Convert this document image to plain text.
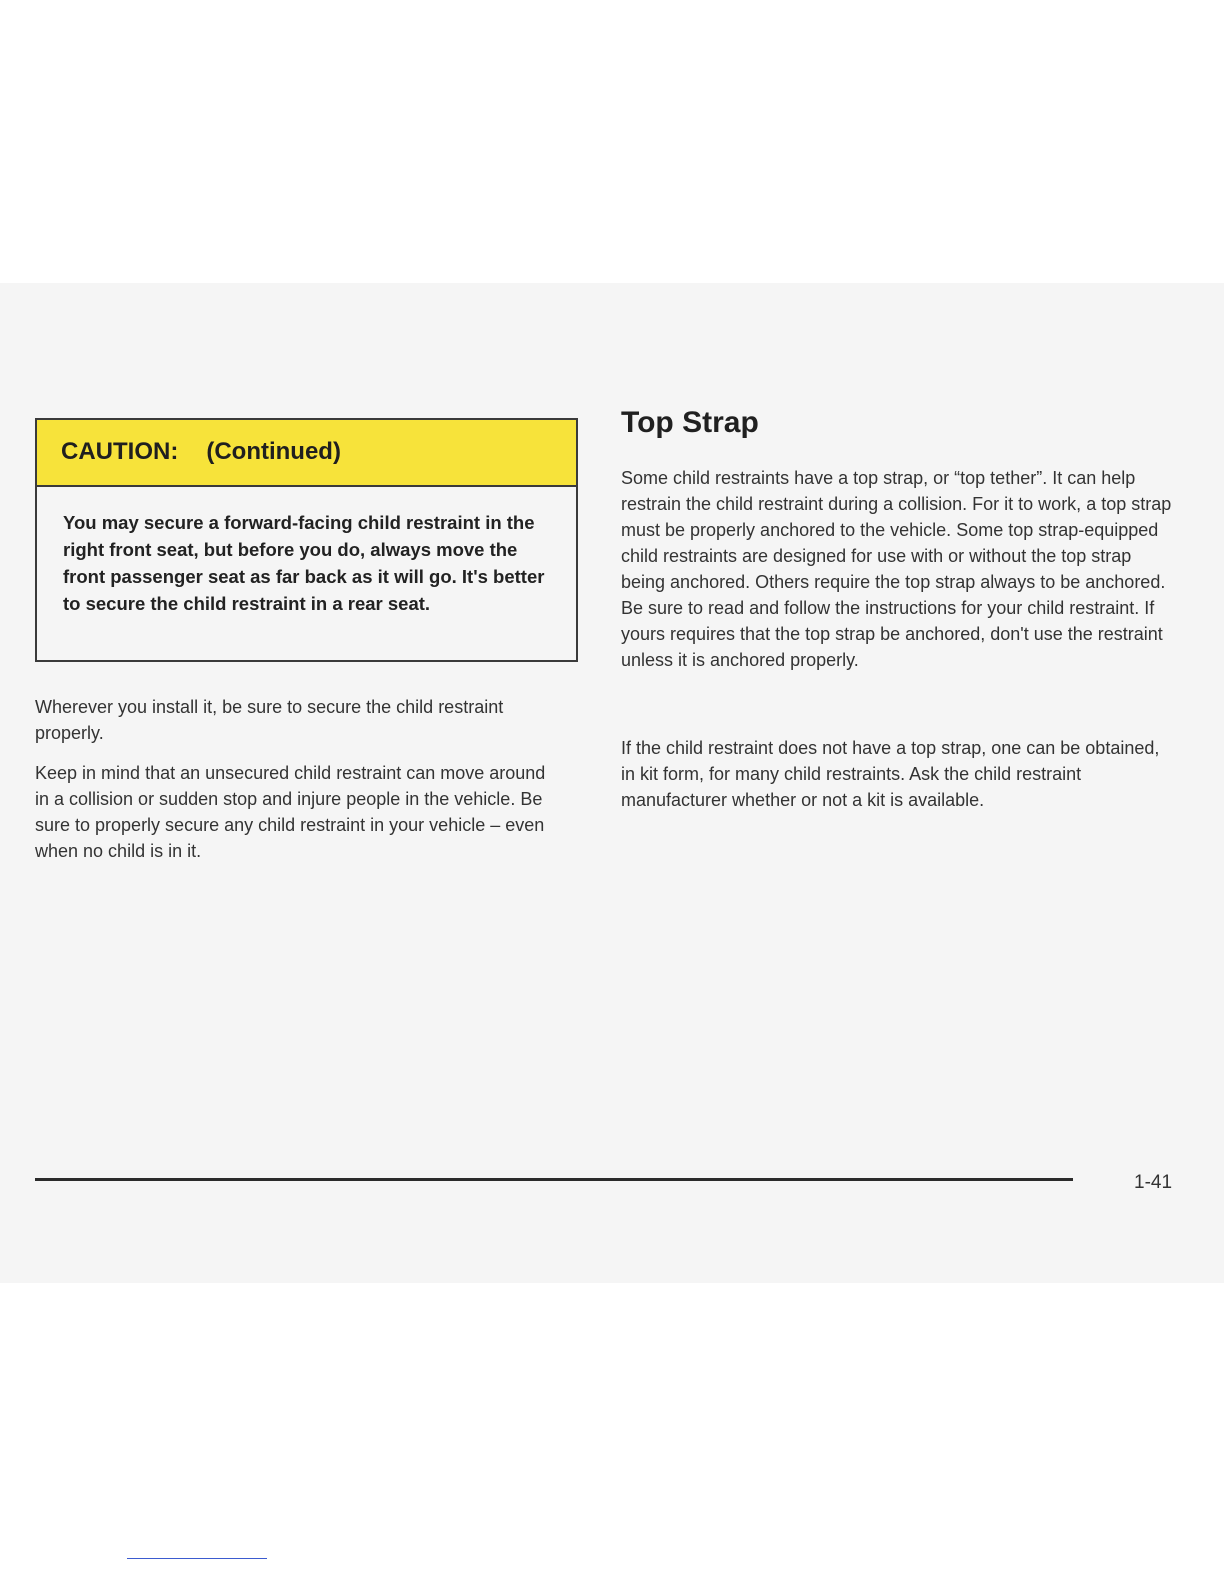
CAUTION: (Continued)
You may secure a forward-facing child restraint in the right front seat, but before you do, always move the front passenger seat as far back as it will go. It's better to secure the child restraint in a rear seat.

Wherever you install it, be sure to secure the child restraint properly.

Keep in mind that an unsecured child restraint can move around in a collision or sudden stop and injure people in the vehicle. Be sure to properly secure any child restraint in your vehicle – even when no child is in it.

Top Strap

Some child restraints have a top strap, or “top tether”. It can help restrain the child restraint during a collision. For it to work, a top strap must be properly anchored to the vehicle. Some top strap-equipped child restraints are designed for use with or without the top strap being anchored. Others require the top strap always to be anchored. Be sure to read and follow the instructions for your child restraint. If yours requires that the top strap be anchored, don't use the restraint unless it is anchored properly.

If the child restraint does not have a top strap, one can be obtained, in kit form, for many child restraints. Ask the child restraint manufacturer whether or not a kit is available.

1-41
